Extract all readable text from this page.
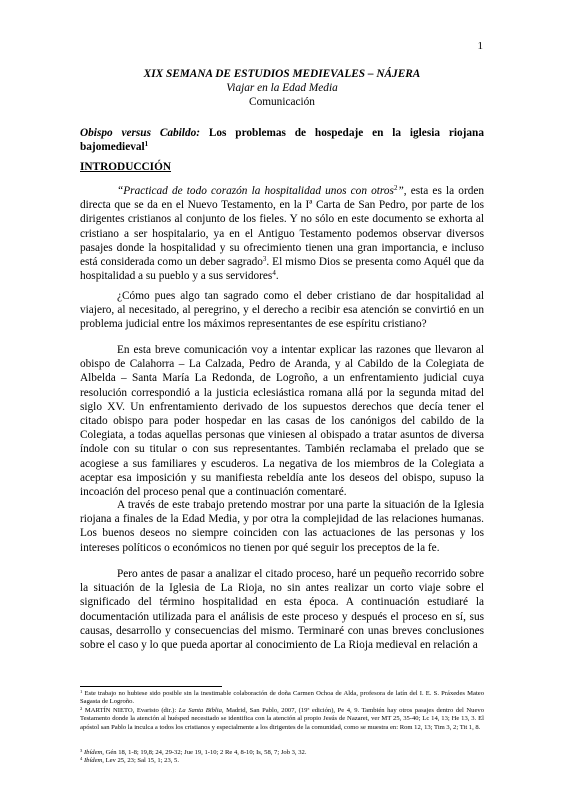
1
XIX SEMANA DE ESTUDIOS MEDIEVALES – NÁJERA
Viajar en la Edad Media
Comunicación
Obispo versus Cabildo: Los problemas de hospedaje en la iglesia riojana bajomedieval$^1$
INTRODUCCIÓN

“Practicad de todo corazón la hospitalidad unos con otros$^2$”, esta es la orden directa que se da en el Nuevo Testamento, en la Iª Carta de San Pedro, por parte de los dirigentes cristianos al conjunto de los fieles. Y no sólo en este documento se exhorta al cristiano a ser hospitalario, ya en el Antiguo Testamento podemos observar diversos pasajes donde la hospitalidad y su ofrecimiento tienen una gran importancia, e incluso está considerada como un deber sagrado$^3$. El mismo Dios se presenta como Aquél que da hospitalidad a su pueblo y a sus servidores$^4$.

¿Cómo pues algo tan sagrado como el deber cristiano de dar hospitalidad al viajero, al necesitado, al peregrino, y el derecho a recibir esa atención se convirtió en un problema judicial entre los máximos representantes de ese espíritu cristiano?

En esta breve comunicación voy a intentar explicar las razones que llevaron al obispo de Calahorra – La Calzada, Pedro de Aranda, y al Cabildo de la Colegiata de Albelda – Santa María La Redonda, de Logroño, a un enfrentamiento judicial cuya resolución correspondió a la justicia eclesiástica romana allá por la segunda mitad del siglo XV. Un enfrentamiento derivado de los supuestos derechos que decía tener el citado obispo para poder hospedar en las casas de los canónigos del cabildo de la Colegiata, a todas aquellas personas que viniesen al obispado a tratar asuntos de diversa índole con su titular o con sus representantes. También reclamaba el prelado que se acogiese a sus familiares y escuderos. La negativa de los miembros de la Colegiata a aceptar esa imposición y su manifiesta rebeldía ante los deseos del obispo, supuso la incoación del proceso penal que a continuación comentaré.

A través de este trabajo pretendo mostrar por una parte la situación de la Iglesia riojana a finales de la Edad Media, y por otra la complejidad de las relaciones humanas. Los buenos deseos no siempre coinciden con las actuaciones de las personas y los intereses políticos o económicos no tienen por qué seguir los preceptos de la fe.

Pero antes de pasar a analizar el citado proceso, haré un pequeño recorrido sobre la situación de la Iglesia de La Rioja, no sin antes realizar un corto viaje sobre el significado del término hospitalidad en esta época. A continuación estudiaré la documentación utilizada para el análisis de este proceso y después el proceso en sí, sus causas, desarrollo y consecuencias del mismo. Terminaré con unas breves conclusiones sobre el caso y lo que pueda aportar al conocimiento de La Rioja medieval en relación a

$^1$ Este trabajo no hubiese sido posible sin la inestimable colaboración de doña Carmen Ochoa de Alda, profesora de latín del I. E. S. Práxedes Mateo Sagasta de Logroño.
$^2$ MARTÍN NIETO, Evaristo (dir.): La Santa Biblia, Madrid, San Pablo, 2007, (19ª edición), Pe 4, 9. También hay otros pasajes dentro del Nuevo Testamento donde la atención al huésped necesitado se identifica con la atención al propio Jesús de Nazaret, ver MT 25, 35-40; Lc 14, 13; He 13, 3. El apóstol san Pablo la inculca a todos los cristianos y especialmente a los dirigentes de la comunidad, como se muestra en: Rom 12, 13; Tim 3, 2; Tit 1, 8.
$^3$ Ibídem, Gén 18, 1-8; 19,8; 24, 29-32; Jue 19, 1-10; 2 Re 4, 8-10; Is, 58, 7; Job 3, 32.
$^4$ Ibídem, Lev 25, 23; Sal 15, 1; 23, 5.
